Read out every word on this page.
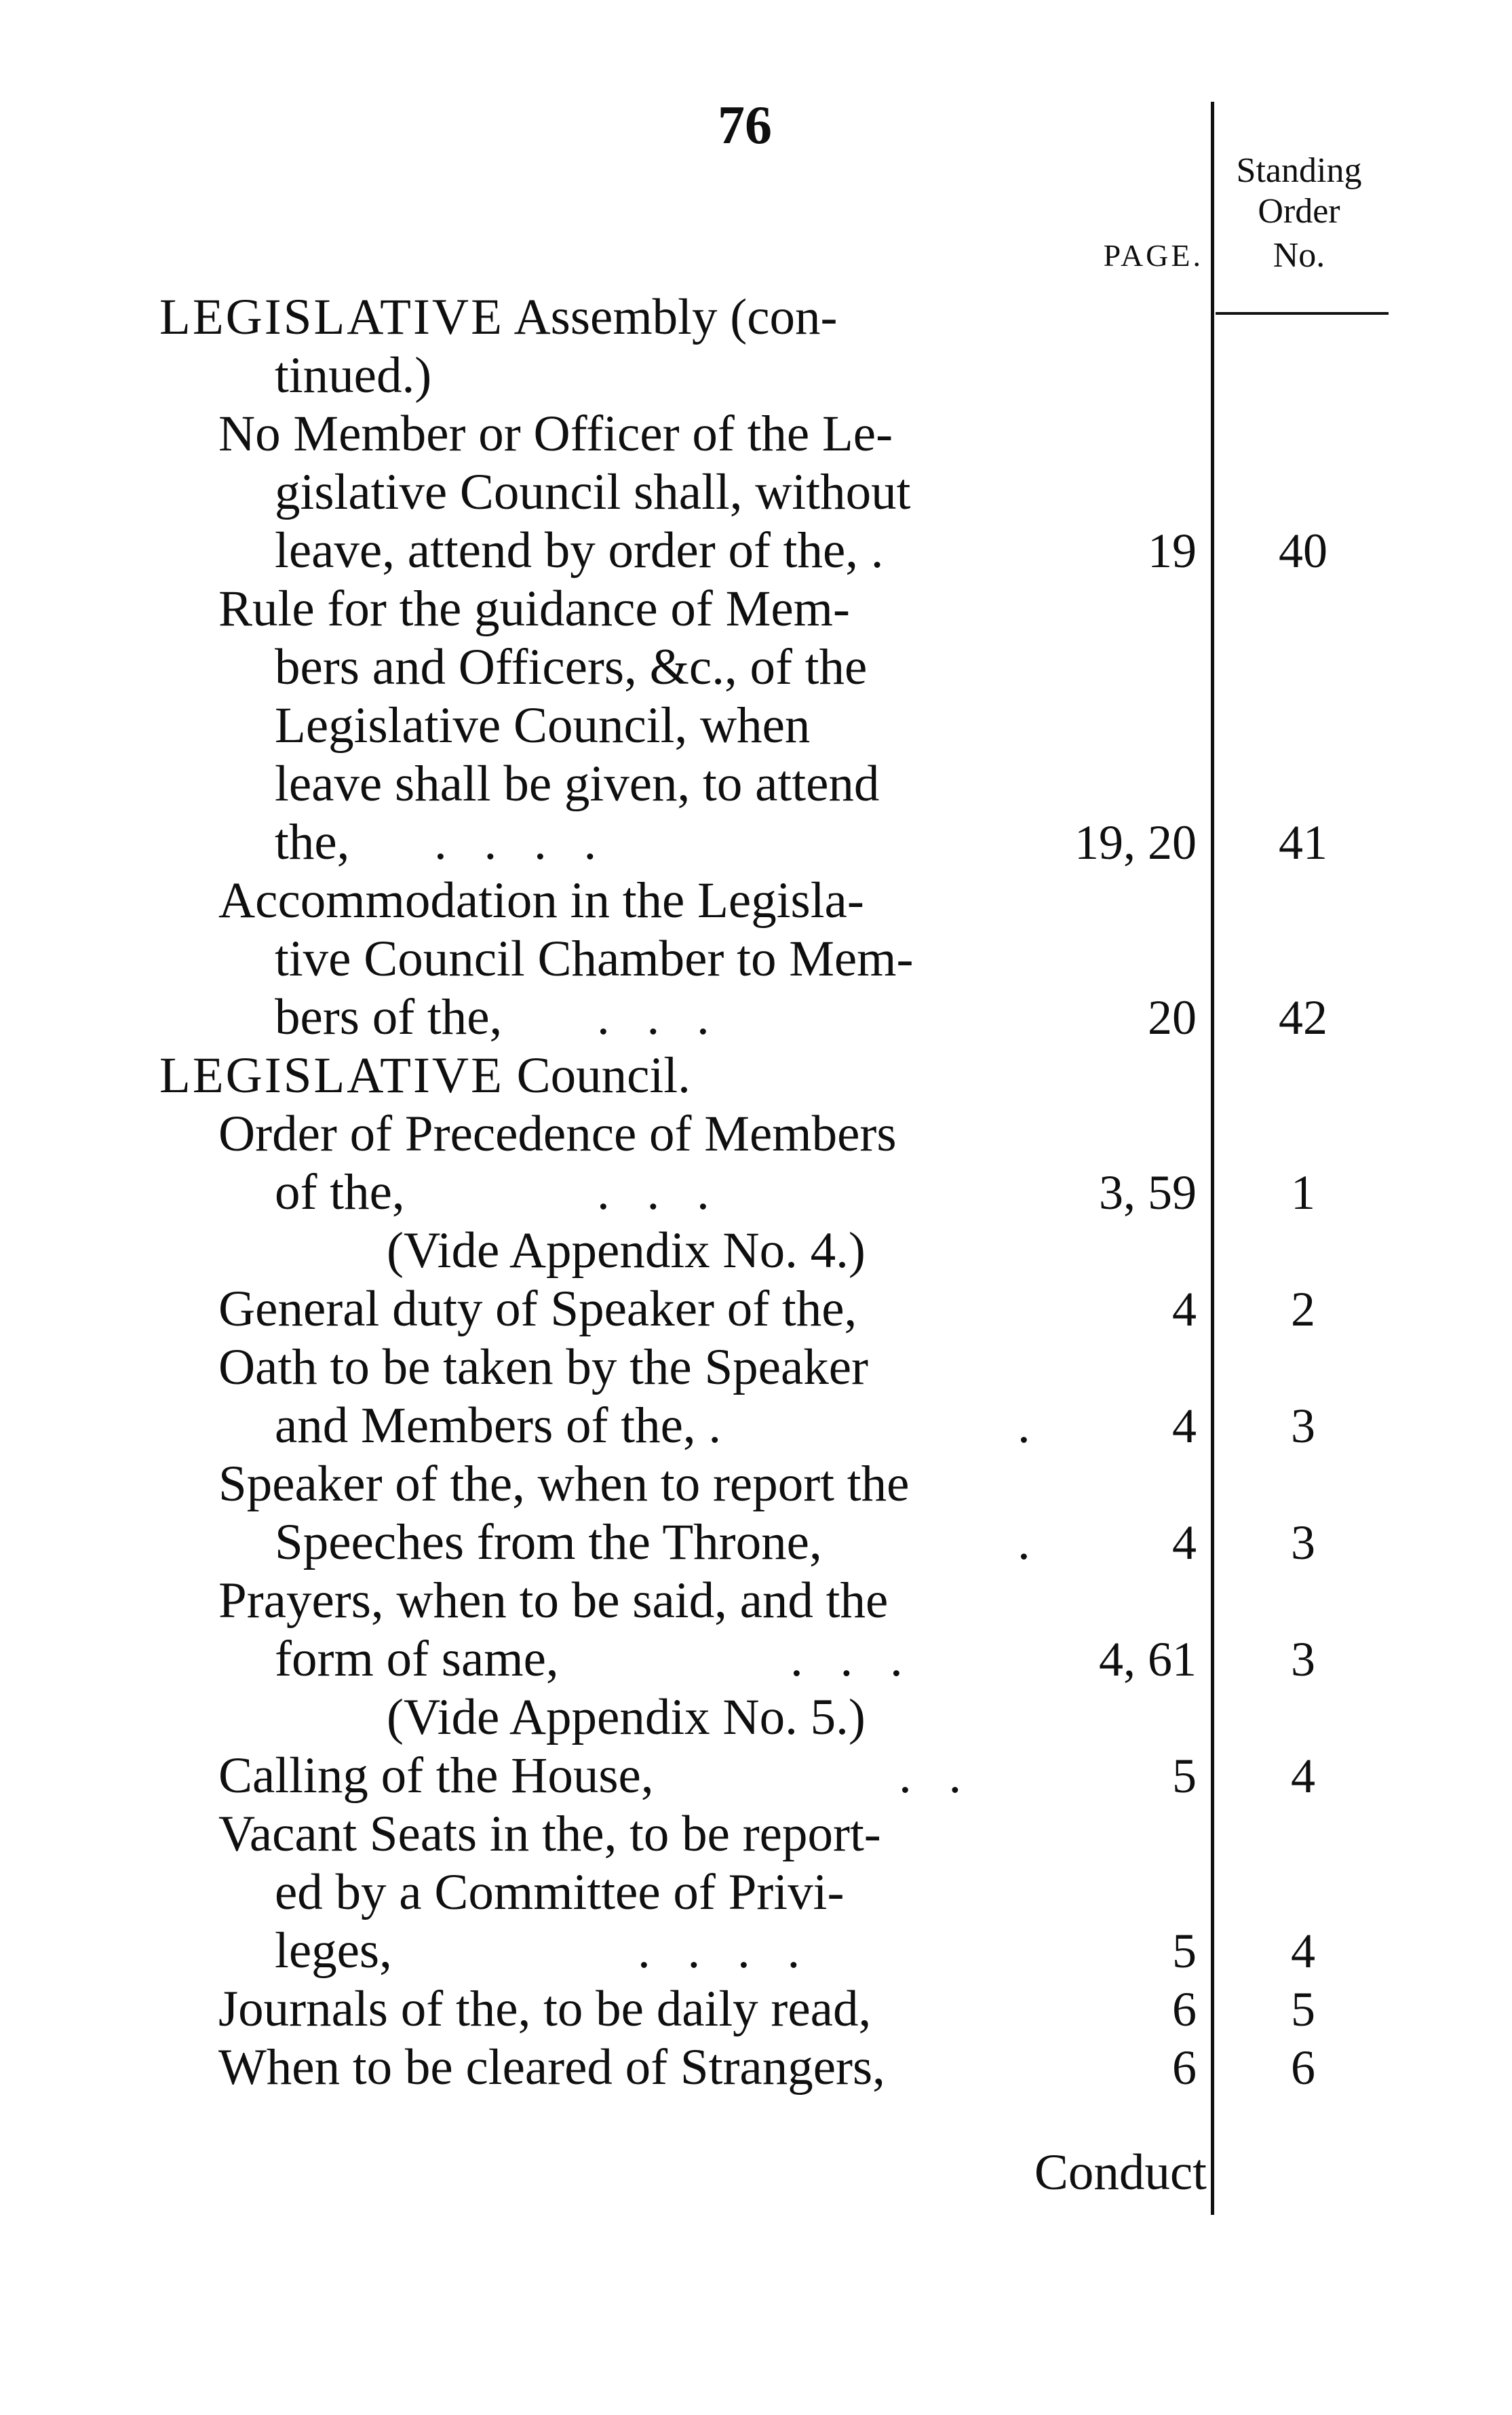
76
PAGE.
Standing
Order
No.
LEGISLATIVE Assembly (con-
tinued.)
No Member or Officer of the Le-
gislative Council shall, without
leave, attend by order of the, .	19	40
Rule for the guidance of Mem-
bers and Officers, &c., of the
Legislative Council, when
leave shall be given, to attend
the, . . . .	19, 20	41
Accommodation in the Legisla-
tive Council Chamber to Mem-
bers of the, . . .	20	42
LEGISLATIVE Council.
Order of Precedence of Members
of the,	. . .	3, 59	1
(Vide Appendix No. 4.)
General duty of Speaker of the,	4	2
Oath to be taken by the Speaker
and Members of the, .	.	4	3
Speaker of the, when to report the
Speeches from the Throne,	.	4	3
Prayers, when to be said, and the
form of same,	. . .	4, 61	3
(Vide Appendix No. 5.)
Calling of the House,	. .	5	4
Vacant Seats in the, to be report-
ed by a Committee of Privi-
leges,	. . . .	5	4
Journals of the, to be daily read,	6	5
When to be cleared of Strangers,	6	6
Conduct
